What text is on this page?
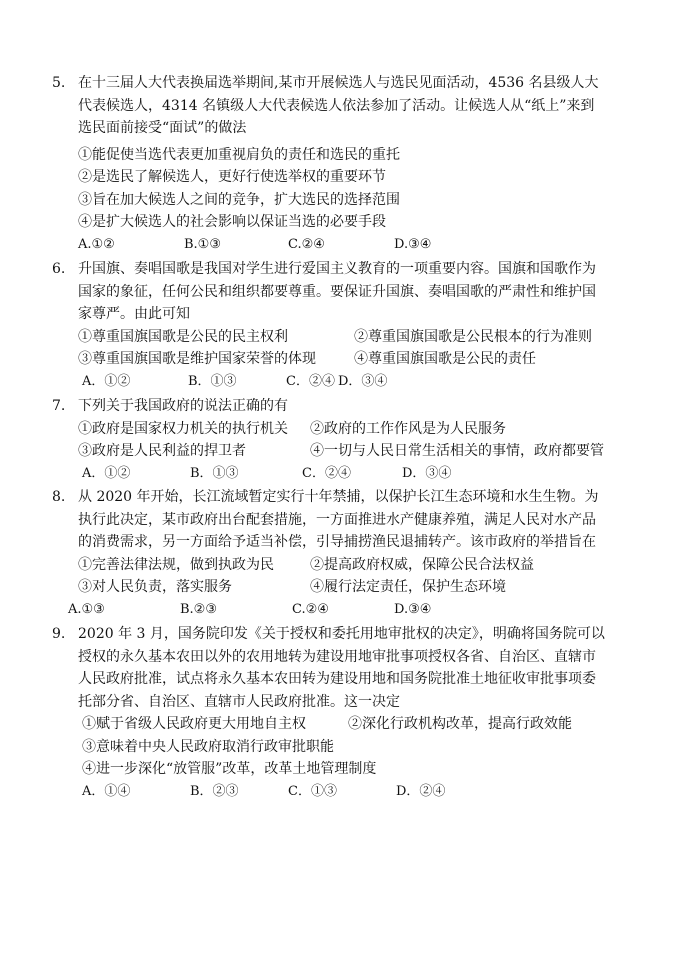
5. 在十三届人大代表换届选举期间,某市开展候选人与选民见面活动，4536 名县级人大
代表候选人，4314 名镇级人大代表候选人依法参加了活动。让候选人从“纸上”来到
选民面前接受“面试”的做法
①能促使当选代表更加重视肩负的责任和选民的重托
②是选民了解候选人，更好行使选举权的重要环节
③旨在加大候选人之间的竞争，扩大选民的选择范围
④是扩大候选人的社会影响以保证当选的必要手段
A.①②	B.①③	C.②④	D.③④
6. 升国旗、奏唱国歌是我国对学生进行爱国主义教育的一项重要内容。国旗和国歌作为
国家的象征，任何公民和组织都要尊重。要保证升国旗、奏唱国歌的严肃性和维护国
家尊严。由此可知
①尊重国旗国歌是公民的民主权利	②尊重国旗国歌是公民根本的行为准则
③尊重国旗国歌是维护国家荣誉的体现	④尊重国旗国歌是公民的责任
A．①②	B．①③	C．②④ D．③④
7. 下列关于我国政府的说法正确的有
①政府是国家权力机关的执行机关	②政府的工作作风是为人民服务
③政府是人民利益的捍卫者	④一切与人民日常生活相关的事情，政府都要管
A．①②	B．①③	C．②④	D．③④
8. 从 2020 年开始，长江流域暂定实行十年禁捕，以保护长江生态环境和水生生物。为
执行此决定，某市政府出台配套措施，一方面推进水产健康养殖，满足人民对水产品
的消费需求，另一方面给予适当补偿，引导捕捞渔民退捕转产。该市政府的举措旨在
①完善法律法规，做到执政为民	②提高政府权威，保障公民合法权益
③对人民负责，落实服务	④履行法定责任，保护生态环境
A.①③	B.②③	C.②④	D.③④
9. 2020 年 3 月，国务院印发《关于授权和委托用地审批权的决定》，明确将国务院可以
授权的永久基本农田以外的农用地转为建设用地审批事项授权各省、自治区、直辖市
人民政府批准，试点将永久基本农田转为建设用地和国务院批准土地征收审批事项委
托部分省、自治区、直辖市人民政府批准。这一决定
①赋于省级人民政府更大用地自主权	②深化行政机构改革，提高行政效能
③意味着中央人民政府取消行政审批职能
④进一步深化“放管服”改革，改革土地管理制度
A．①④	B．②③	C．①③	D．②④
